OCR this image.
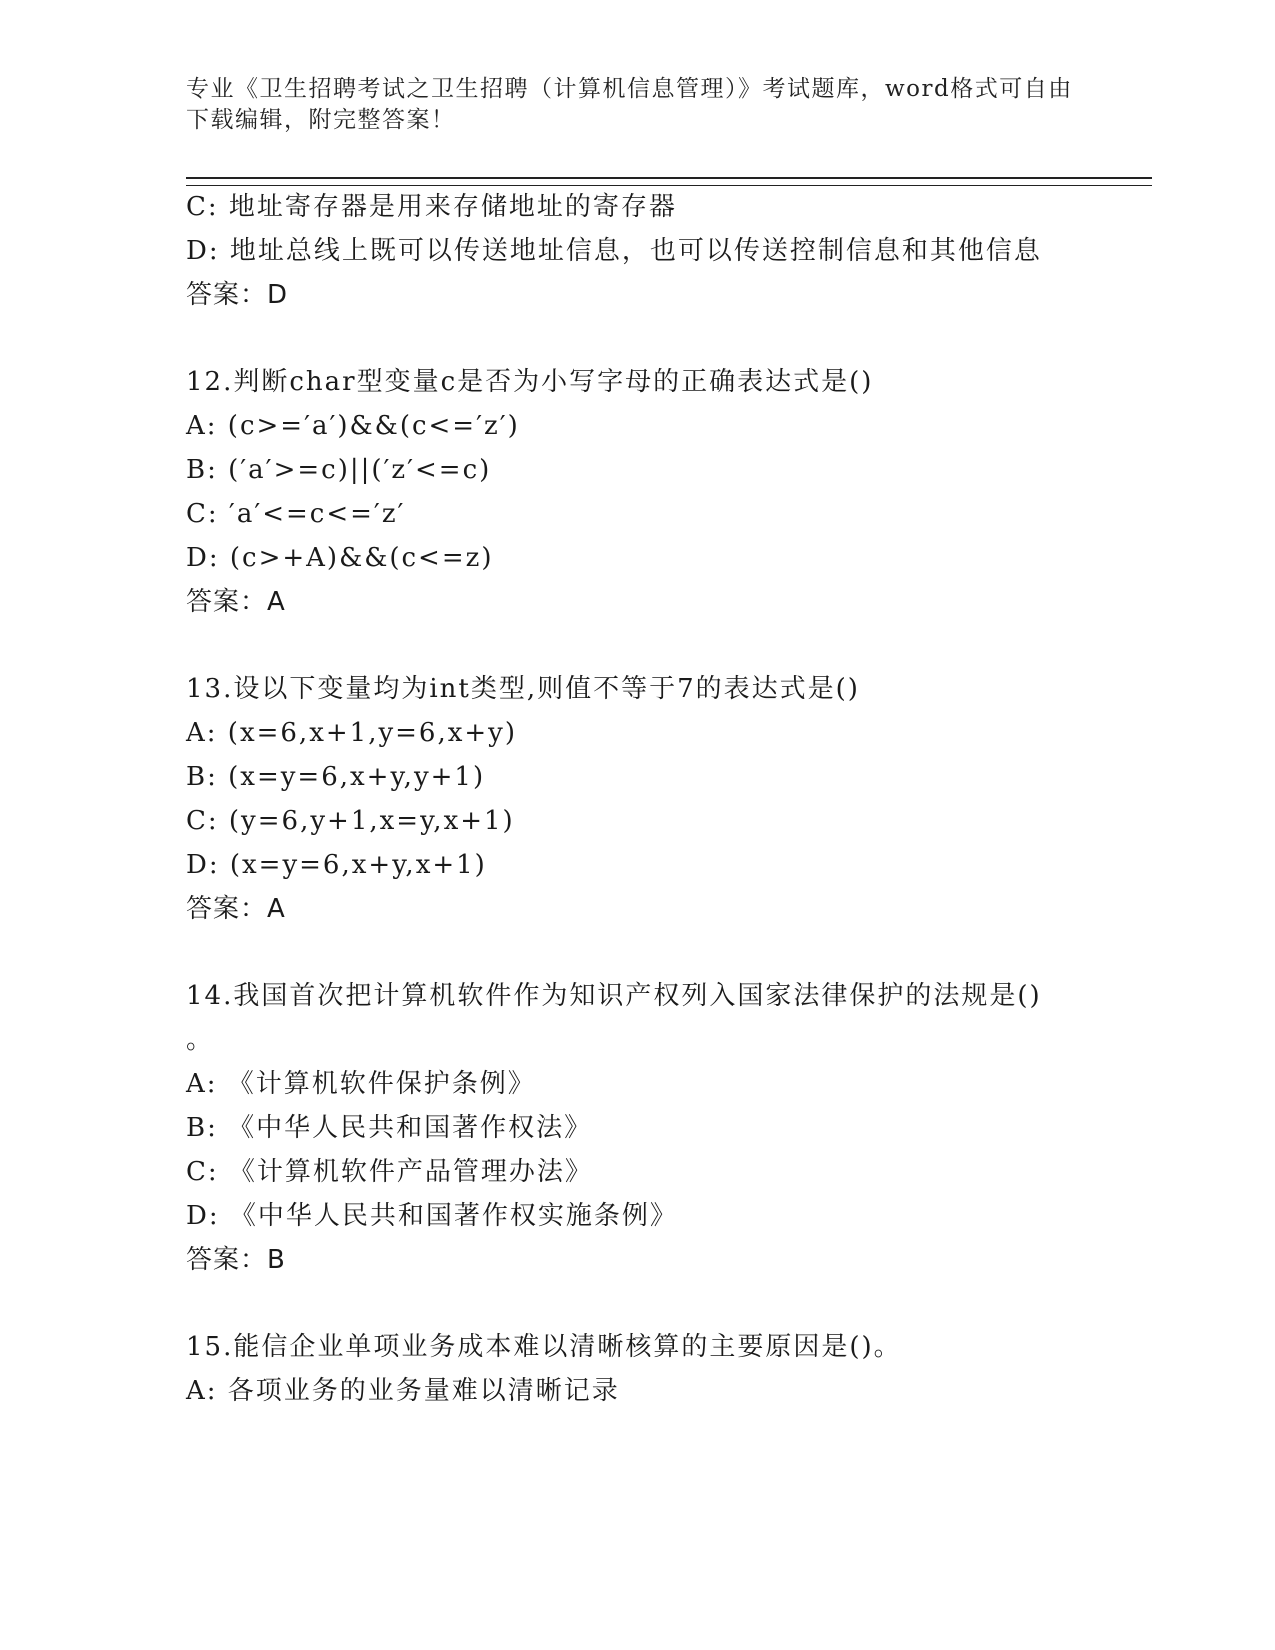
专业《卫生招聘考试之卫生招聘（计算机信息管理）》考试题库，word格式可自由下载编辑，附完整答案！
C: 地址寄存器是用来存储地址的寄存器
D: 地址总线上既可以传送地址信息，也可以传送控制信息和其他信息
答案：D
12.判断char型变量c是否为小写字母的正确表达式是()
A: (c>=′a′)&&(c<=′z′)
B: (′a′>=c)||(′z′<=c)
C: ′a′<=c<=′z′
D: (c>+A)&&(c<=z)
答案：A
13.设以下变量均为int类型,则值不等于7的表达式是()
A: (x=6,x+1,y=6,x+y)
B: (x=y=6,x+y,y+1)
C: (y=6,y+1,x=y,x+1)
D: (x=y=6,x+y,x+1)
答案：A
14.我国首次把计算机软件作为知识产权列入国家法律保护的法规是()
。
A: 《计算机软件保护条例》
B: 《中华人民共和国著作权法》
C: 《计算机软件产品管理办法》
D: 《中华人民共和国著作权实施条例》
答案：B
15.能信企业单项业务成本难以清晰核算的主要原因是()。
A: 各项业务的业务量难以清晰记录
